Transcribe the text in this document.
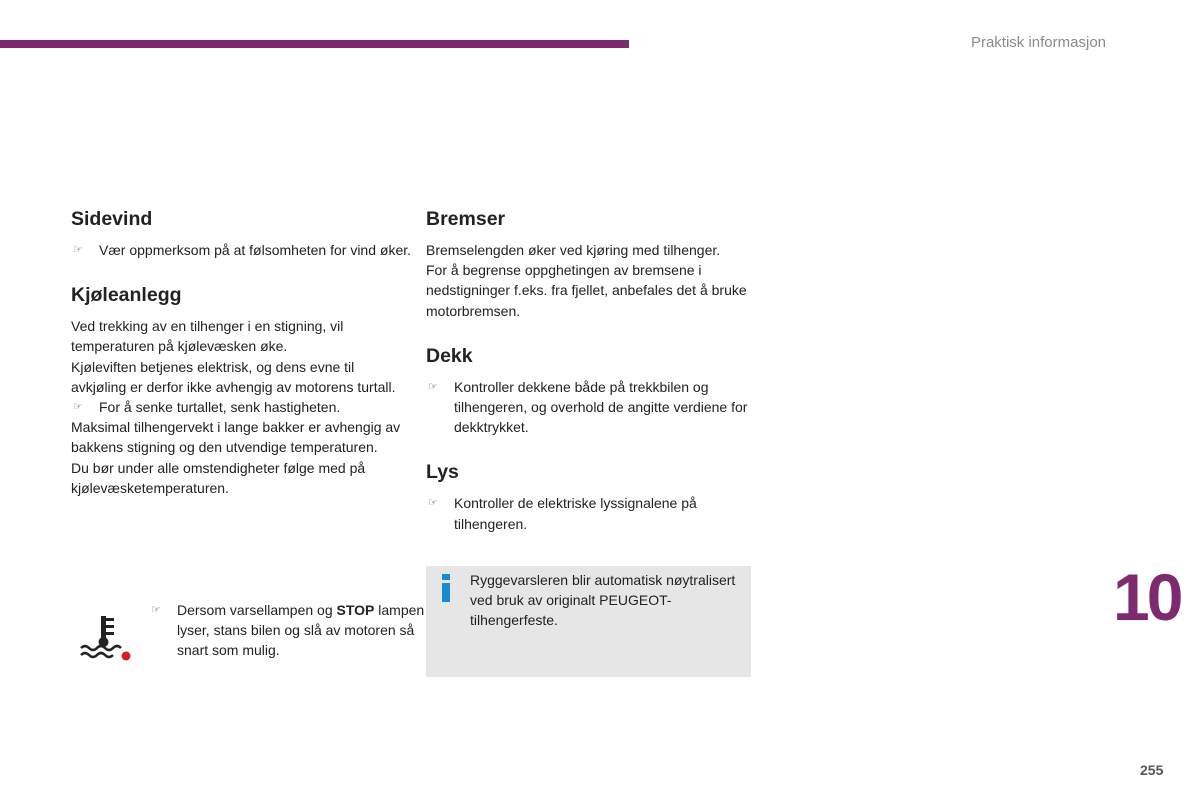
Praktisk informasjon
Sidevind
☞ Vær oppmerksom på at følsomheten for vind øker.
Kjøleanlegg

Ved trekking av en tilhenger i en stigning, vil temperaturen på kjølevæsken øke.

Kjøleviften betjenes elektrisk, og dens evne til avkjøling er derfor ikke avhengig av motorens turtall.

☞ For å senke turtallet, senk hastigheten.

Maksimal tilhengervekt i lange bakker er avhengig av bakkens stigning og den utvendige temperaturen.

Du bør under alle omstendigheter følge med på kjølevæsketemperaturen.

☞ Dersom varsellampen og STOP lampen lyser, stans bilen og slå av motoren så snart som mulig.
Bremser

Bremselengden øker ved kjøring med tilhenger.

For å begrense oppghetingen av bremsene i nedstigninger f.eks. fra fjellet, anbefales det å bruke motorbremsen.

Dekk
☞ Kontroller dekkene både på trekkbilen og tilhengeren, og overhold de angitte verdiene for dekktrykket.
Lys
☞ Kontroller de elektriske lyssignalene på tilhengeren.
Ryggevarsleren blir automatisk nøytralisert ved bruk av originalt PEUGEOT-tilhengerfeste.	10
255
